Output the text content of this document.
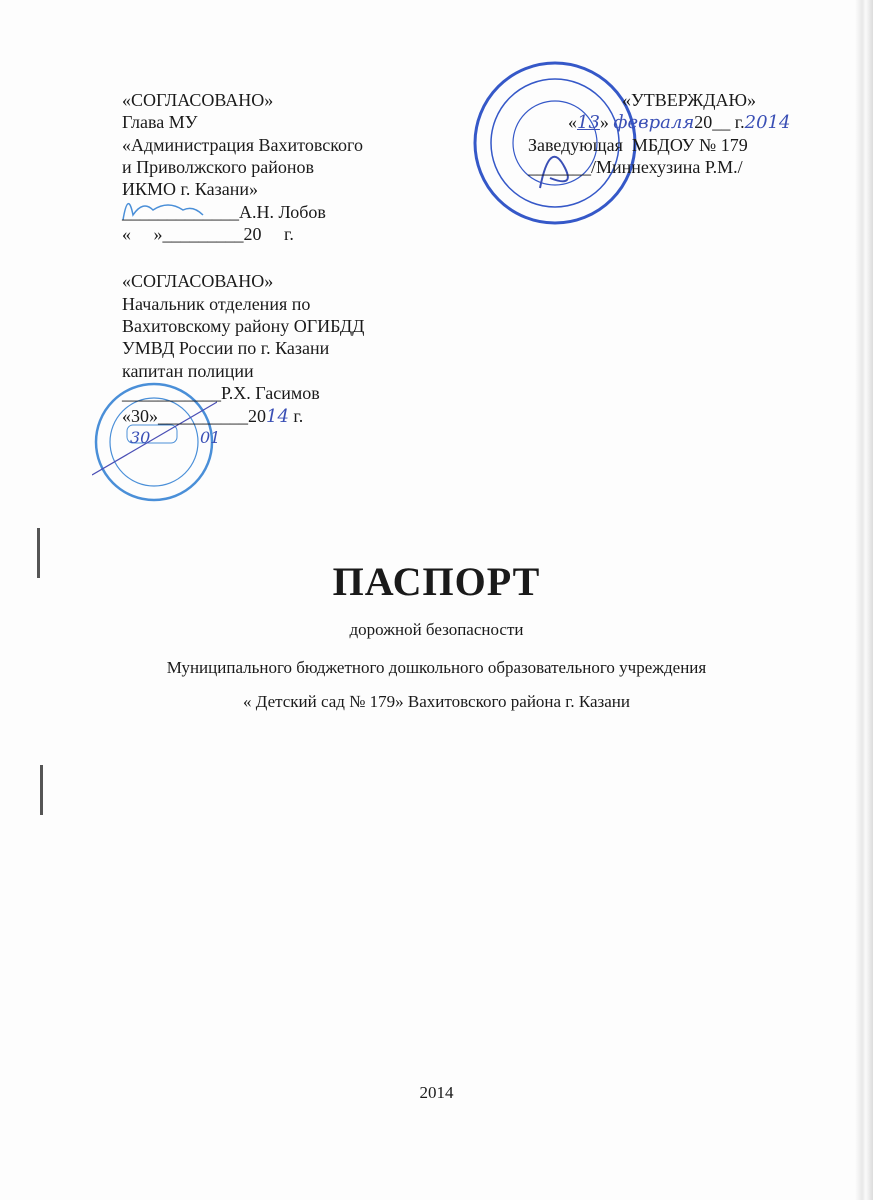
«СОГЛАСОВАНО»
Глава МУ
«Администрация Вахитовского
и Приволжского районов
ИКМО г. Казани»
_____________А.Н. Лобов
«     »_________20     г.
«СОГЛАСОВАНО»
Начальник отделения по
Вахитовскому району ОГИБДД
УМВД России по г. Казани
капитан полиции
___________Р.Х. Гасимов
«30»__________2014 г.
30	01
«УТВЕРЖДАЮ»
«13» февраля20__ г.2014
Заведующая  МБДОУ № 179
_______/Миннехузина Р.М./
ПАСПОРТ
дорожной безопасности
Муниципального бюджетного дошкольного образовательного учреждения
« Детский сад № 179» Вахитовского района г. Казани
2014
